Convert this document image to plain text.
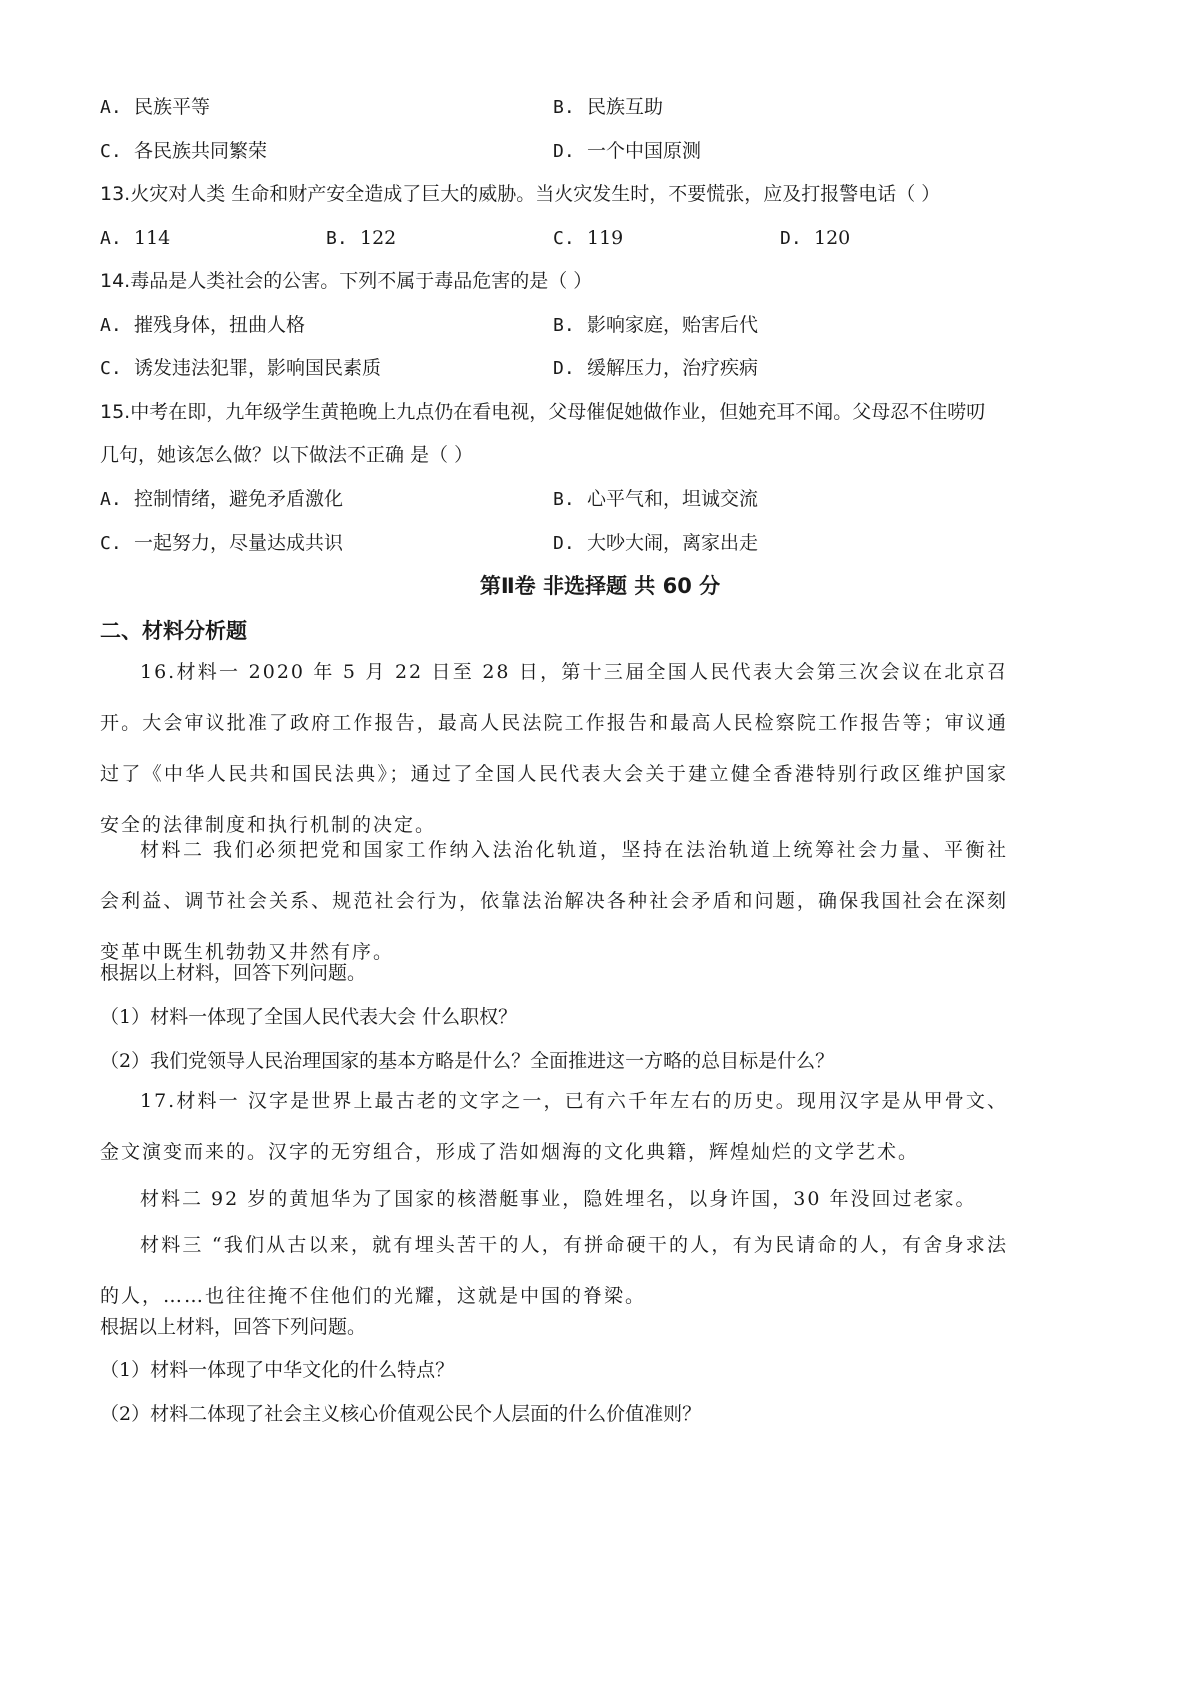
A. 民族平等	B. 民族互助
C. 各民族共同繁荣	D. 一个中国原测
13.火灾对人类 生命和财产安全造成了巨大的威胁。当火灾发生时，不要慌张，应及打报警电话（ ）
A. 114	B. 122	C. 119	D. 120
14.毒品是人类社会的公害。下列不属于毒品危害的是（ ）
A. 摧残身体，扭曲人格	B. 影响家庭，贻害后代
C. 诱发违法犯罪，影响国民素质	D. 缓解压力，治疗疾病
15.中考在即，九年级学生黄艳晚上九点仍在看电视，父母催促她做作业，但她充耳不闻。父母忍不住唠叨
几句，她该怎么做？以下做法不正确 是（ ）
A. 控制情绪，避免矛盾激化	B. 心平气和，坦诚交流
C. 一起努力，尽量达成共识	D. 大吵大闹，离家出走
第Ⅱ卷 非选择题 共 60 分
二、材料分析题
16.材料一 2020 年 5 月 22 日至 28 日，第十三届全国人民代表大会第三次会议在北京召开。大会审议批准了政府工作报告，最高人民法院工作报告和最高人民检察院工作报告等；审议通过了《中华人民共和国民法典》；通过了全国人民代表大会关于建立健全香港特别行政区维护国家安全的法律制度和执行机制的决定。
材料二 我们必须把党和国家工作纳入法治化轨道，坚持在法治轨道上统筹社会力量、平衡社会利益、调节社会关系、规范社会行为，依靠法治解决各种社会矛盾和问题，确保我国社会在深刻变革中既生机勃勃又井然有序。
根据以上材料，回答下列问题。
（1）材料一体现了全国人民代表大会 什么职权？
（2）我们党领导人民治理国家的基本方略是什么？全面推进这一方略的总目标是什么？
17.材料一 汉字是世界上最古老的文字之一，已有六千年左右的历史。现用汉字是从甲骨文、金文演变而来的。汉字的无穷组合，形成了浩如烟海的文化典籍，辉煌灿烂的文学艺术。
材料二 92 岁的黄旭华为了国家的核潜艇事业，隐姓埋名，以身许国，30 年没回过老家。
材料三 “我们从古以来，就有埋头苦干的人，有拼命硬干的人，有为民请命的人，有舍身求法的人，……也往往掩不住他们的光耀，这就是中国的脊梁。
根据以上材料，回答下列问题。
（1）材料一体现了中华文化的什么特点？
（2）材料二体现了社会主义核心价值观公民个人层面的什么价值准则？
